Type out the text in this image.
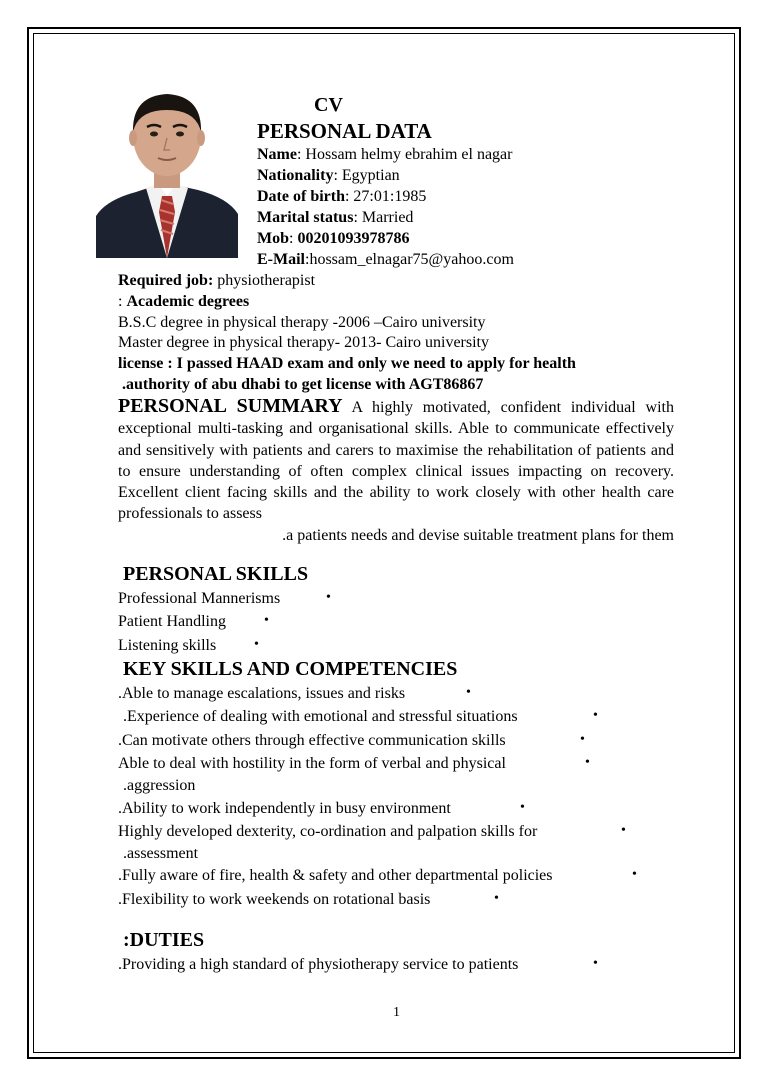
CV
PERSONAL DATA
Name: Hossam helmy ebrahim el nagar
Nationality: Egyptian
Date of birth: 27:01:1985
Marital status: Married
Mob: 00201093978786
E-Mail:hossam_elnagar75@yahoo.com
Required job: physiotherapist
: Academic degrees
B.S.C degree in physical therapy -2006 –Cairo university
Master degree in physical therapy- 2013- Cairo university
license : I passed HAAD exam and only we need to apply for health
.authority of abu dhabi to get license with AGT86867
PERSONAL SUMMARY A highly motivated, confident individual with exceptional multi-tasking and organisational skills. Able to communicate effectively and sensitively with patients and carers to maximise the rehabilitation of patients and to ensure understanding of often complex clinical issues impacting on recovery. Excellent client facing skills and the ability to work closely with other health care professionals to assess
.a patients needs and devise suitable treatment plans for them
PERSONAL SKILLS
Professional Mannerisms	•
Patient Handling	•
Listening skills	•
KEY SKILLS AND COMPETENCIES
.Able to manage escalations, issues and risks	•
.Experience of dealing with emotional and stressful situations	•
.Can motivate others through effective communication skills	•
Able to deal with hostility in the form of verbal and physical	•
.aggression
.Ability to work independently in busy environment	•
Highly developed dexterity, co-ordination and palpation skills for	•
.assessment
.Fully aware of fire, health & safety and other departmental policies	•
.Flexibility to work weekends on rotational basis	•
:DUTIES
.Providing a high standard of physiotherapy service to patients	•
1
